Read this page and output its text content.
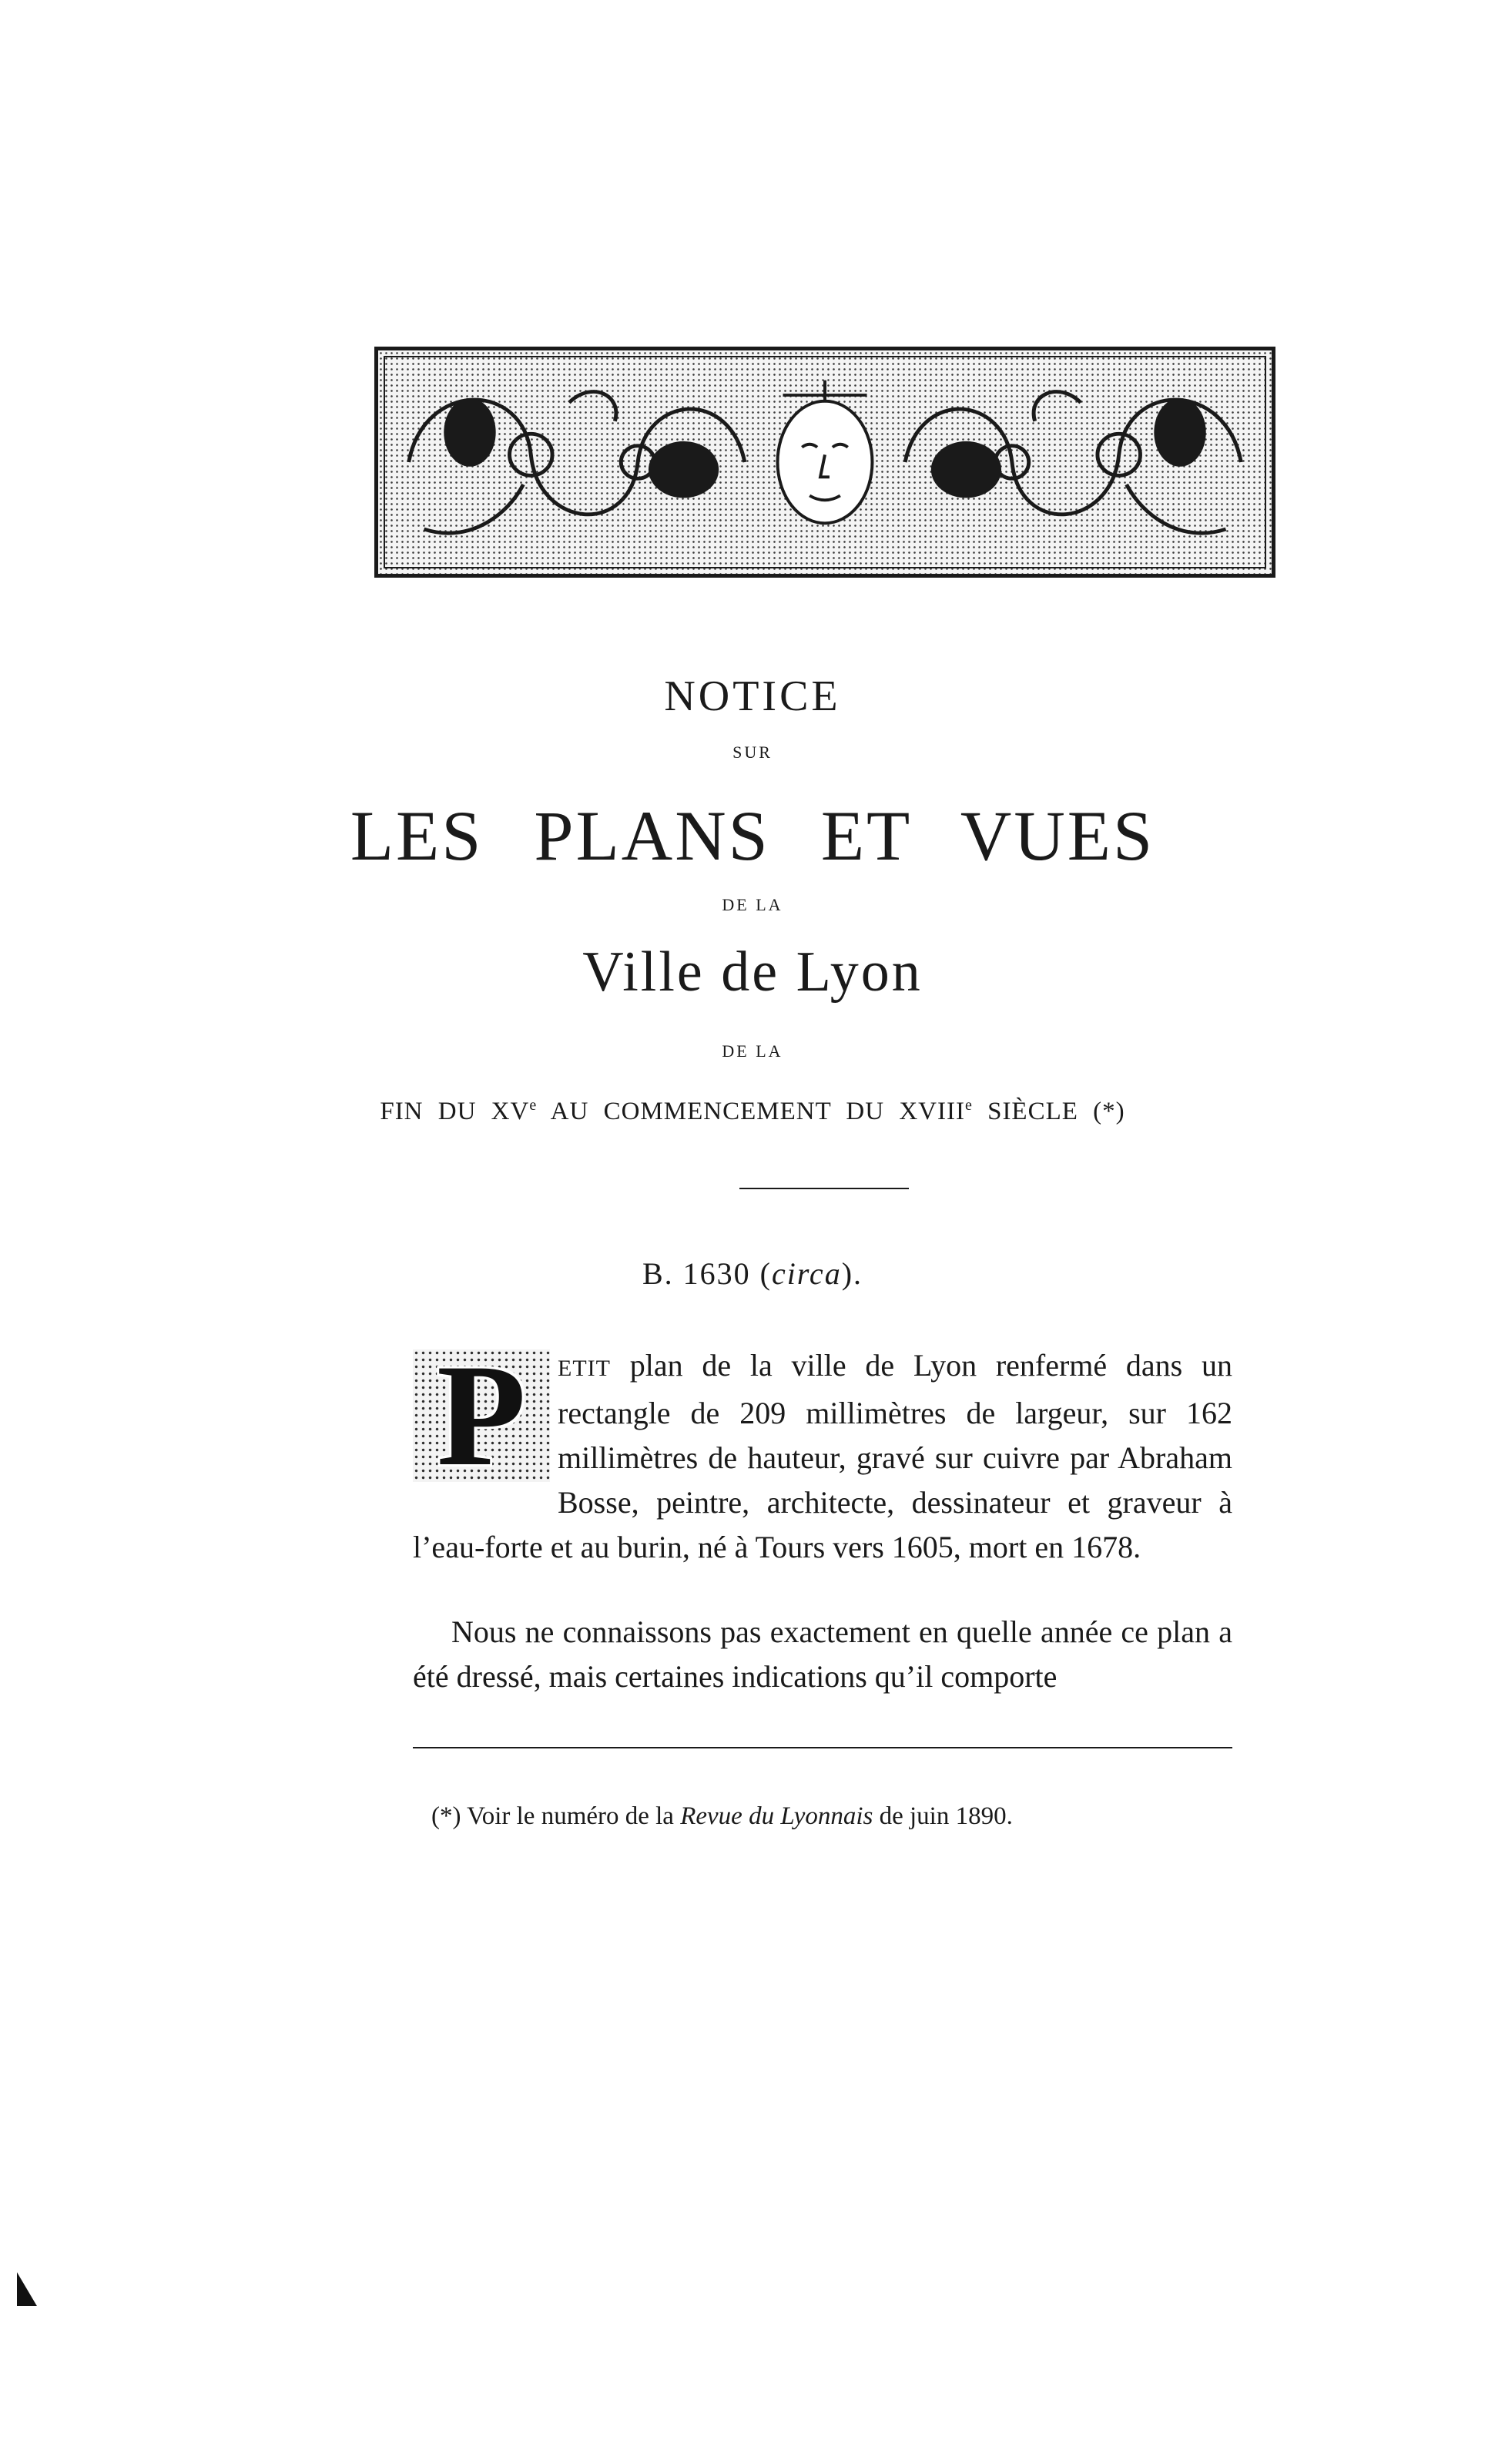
NOTICE
SUR
LES PLANS ET VUES
DE LA
Ville de Lyon
DE LA
FIN DU XVe AU COMMENCEMENT DU XVIIIe SIÈCLE (*)
B. 1630 (circa).

P	ETIT plan de la ville de Lyon renfermé dans un rectangle de 209 millimètres de largeur, sur 162 millimètres de hauteur, gravé sur cuivre par Abraham Bosse, peintre, architecte, dessinateur et graveur à l’eau-forte et au burin, né à Tours vers 1605, mort en 1678.

Nous ne connaissons pas exactement en quelle année ce plan a été dressé, mais certaines indications qu’il comporte

(*) Voir le numéro de la Revue du Lyonnais de juin 1890.
